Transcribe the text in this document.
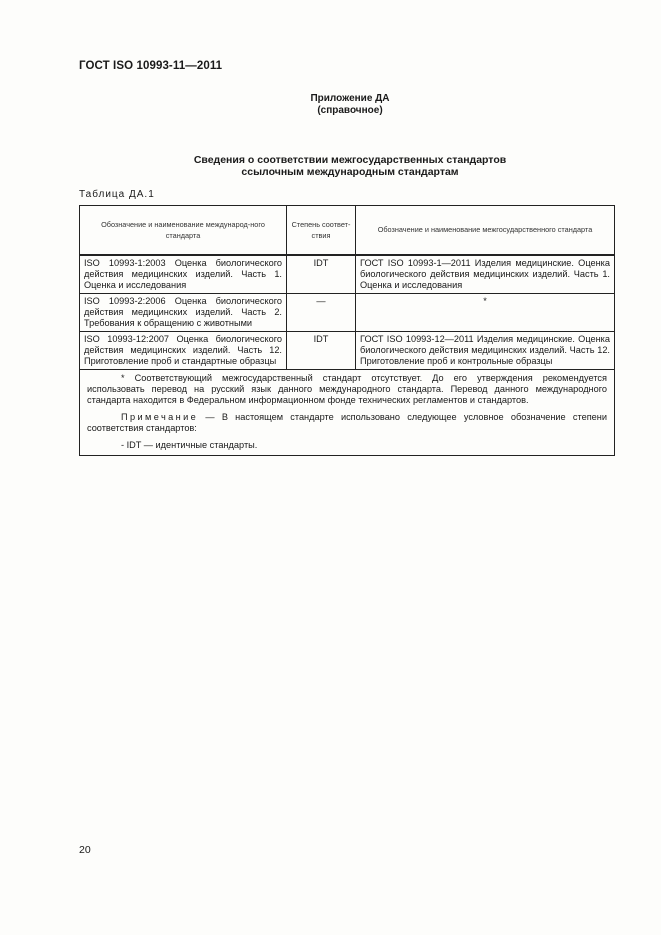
ГОСТ ISO 10993-11—2011
Приложение ДА
(справочное)
Сведения о соответствии межгосударственных стандартов
ссылочным международным стандартам
Таблица ДА.1
Обозначение и наименование международ-ного стандарта	Степень соответ-ствия	Обозначение и наименование межгосударственного стандарта
ISO 10993-1:2003 Оценка биологического действия медицинских изделий. Часть 1. Оценка и исследования	IDT	ГОСТ ISO 10993-1—2011 Изделия медицинские. Оценка биологического действия медицинских изделий. Часть 1. Оценка и исследования
ISO 10993-2:2006 Оценка биологического действия медицинских изделий. Часть 2. Требования к обращению с животными	—	*
ISO 10993-12:2007 Оценка биологического действия медицинских изделий. Часть 12. Приготовление проб и стандартные образцы	IDT	ГОСТ ISO 10993-12—2011 Изделия медицинские. Оценка биологического действия медицинских изделий. Часть 12. Приготовление проб и контрольные образцы

* Соответствующий межгосударственный стандарт отсутствует. До его утверждения рекомендуется использовать перевод на русский язык данного международного стандарта. Перевод данного международного стандарта находится в Федеральном информационном фонде технических регламентов и стандартов.

Примечание — В настоящем стандарте использовано следующее условное обозначение степени соответствия стандартов:

- IDT — идентичные стандарты.		

20
